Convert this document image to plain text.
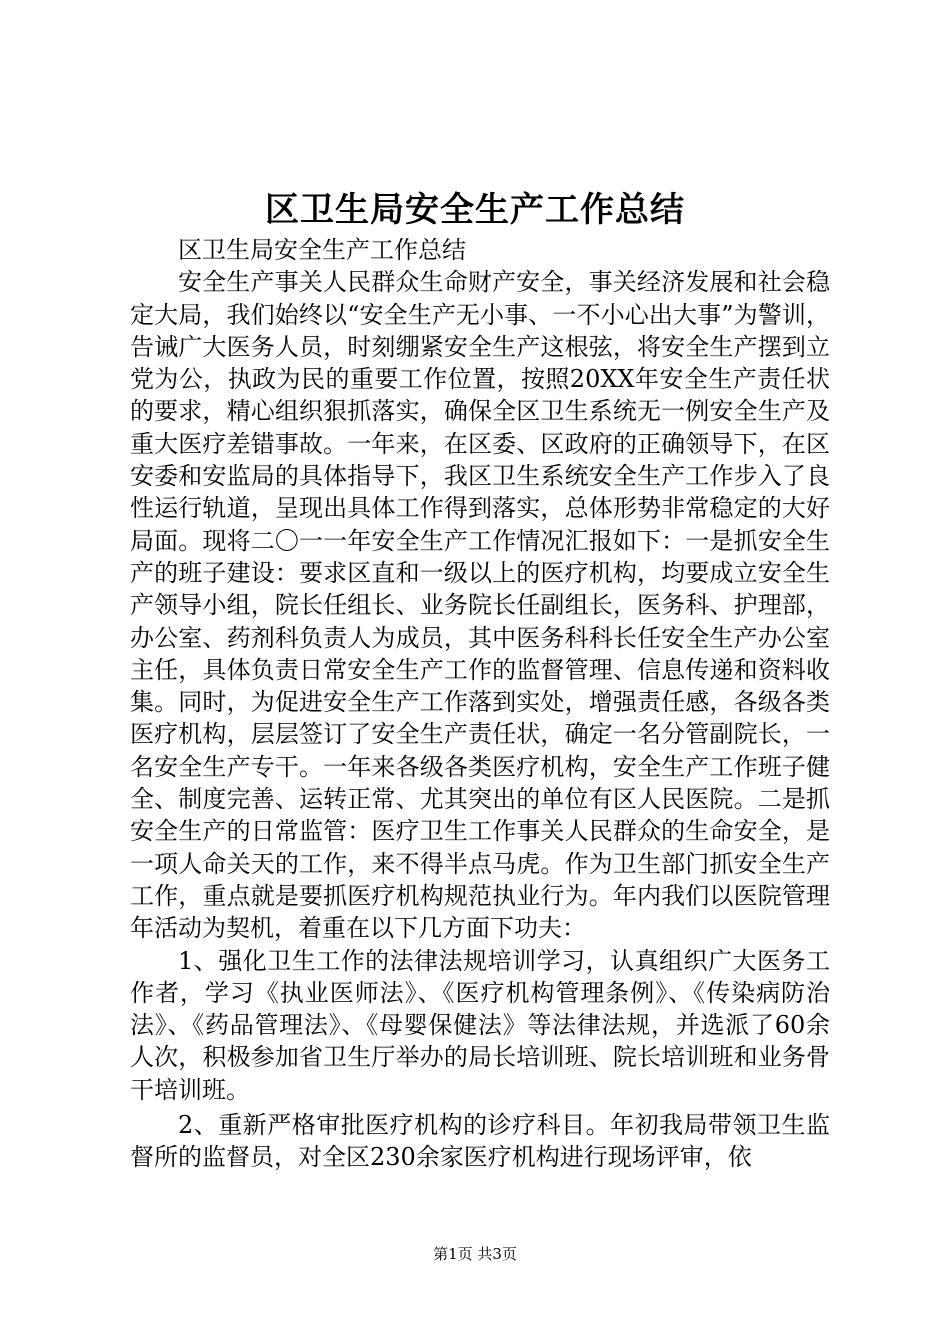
区卫生局安全生产工作总结

区卫生局安全生产工作总结

安全生产事关人民群众生命财产安全，事关经济发展和社会稳定大局，我们始终以“安全生产无小事、一不小心出大事”为警训，告诫广大医务人员，时刻绷紧安全生产这根弦，将安全生产摆到立党为公，执政为民的重要工作位置，按照20XX年安全生产责任状的要求，精心组织狠抓落实，确保全区卫生系统无一例安全生产及重大医疗差错事故。一年来，在区委、区政府的正确领导下，在区安委和安监局的具体指导下，我区卫生系统安全生产工作步入了良性运行轨道，呈现出具体工作得到落实，总体形势非常稳定的大好局面。现将二〇一一年安全生产工作情况汇报如下：一是抓安全生产的班子建设：要求区直和一级以上的医疗机构，均要成立安全生产领导小组，院长任组长、业务院长任副组长，医务科、护理部，办公室、药剂科负责人为成员，其中医务科科长任安全生产办公室主任，具体负责日常安全生产工作的监督管理、信息传递和资料收集。同时，为促进安全生产工作落到实处，增强责任感，各级各类医疗机构，层层签订了安全生产责任状，确定一名分管副院长，一名安全生产专干。一年来各级各类医疗机构，安全生产工作班子健全、制度完善、运转正常、尤其突出的单位有区人民医院。二是抓安全生产的日常监管：医疗卫生工作事关人民群众的生命安全，是一项人命关天的工作，来不得半点马虎。作为卫生部门抓安全生产工作，重点就是要抓医疗机构规范执业行为。年内我们以医院管理年活动为契机，着重在以下几方面下功夫：

1、强化卫生工作的法律法规培训学习，认真组织广大医务工作者，学习《执业医师法》、《医疗机构管理条例》、《传染病防治法》、《药品管理法》、《母婴保健法》等法律法规，并选派了60余人次，积极参加省卫生厅举办的局长培训班、院长培训班和业务骨干培训班。

2、重新严格审批医疗机构的诊疗科目。年初我局带领卫生监督所的监督员，对全区230余家医疗机构进行现场评审，依

第1页 共3页
